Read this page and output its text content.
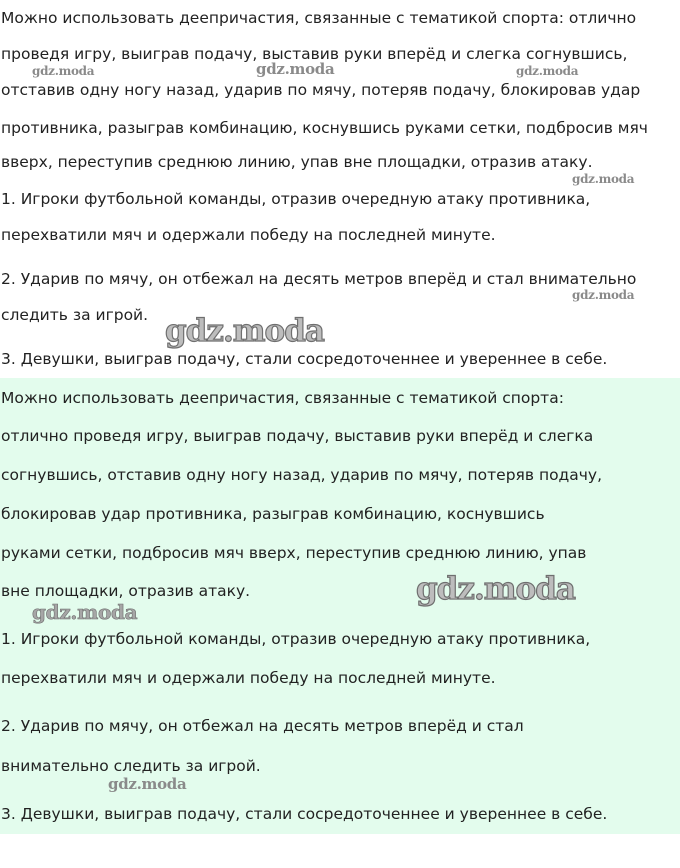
Можно использовать деепричастия, связанные с тематикой спорта: отлично
проведя игру, выиграв подачу, выставив руки вперёд и слегка согнувшись,
отставив одну ногу назад, ударив по мячу, потеряв подачу, блокировав удар
противника, разыграв комбинацию, коснувшись руками сетки, подбросив мяч
вверх, переступив среднюю линию, упав вне площадки, отразив атаку.
1. Игроки футбольной команды, отразив очередную атаку противника,
перехватили мяч и одержали победу на последней минуте.
2. Ударив по мячу, он отбежал на десять метров вперёд и стал внимательно
следить за игрой.
3. Девушки, выиграв подачу, стали сосредоточеннее и увереннее в себе.
Можно использовать деепричастия, связанные с тематикой спорта:
отлично проведя игру, выиграв подачу, выставив руки вперёд и слегка
согнувшись, отставив одну ногу назад, ударив по мячу, потеряв подачу,
блокировав удар противника, разыграв комбинацию, коснувшись
руками сетки, подбросив мяч вверх, переступив среднюю линию, упав
вне площадки, отразив атаку.
1. Игроки футбольной команды, отразив очередную атаку противника,
перехватили мяч и одержали победу на последней минуте.
2. Ударив по мячу, он отбежал на десять метров вперёд и стал
внимательно следить за игрой.
3. Девушки, выиграв подачу, стали сосредоточеннее и увереннее в себе.
gdz.moda	gdz.moda	gdz.moda
gdz.moda
gdz.moda
gdz.moda
gdz.moda
gdz.moda
gdz.moda
